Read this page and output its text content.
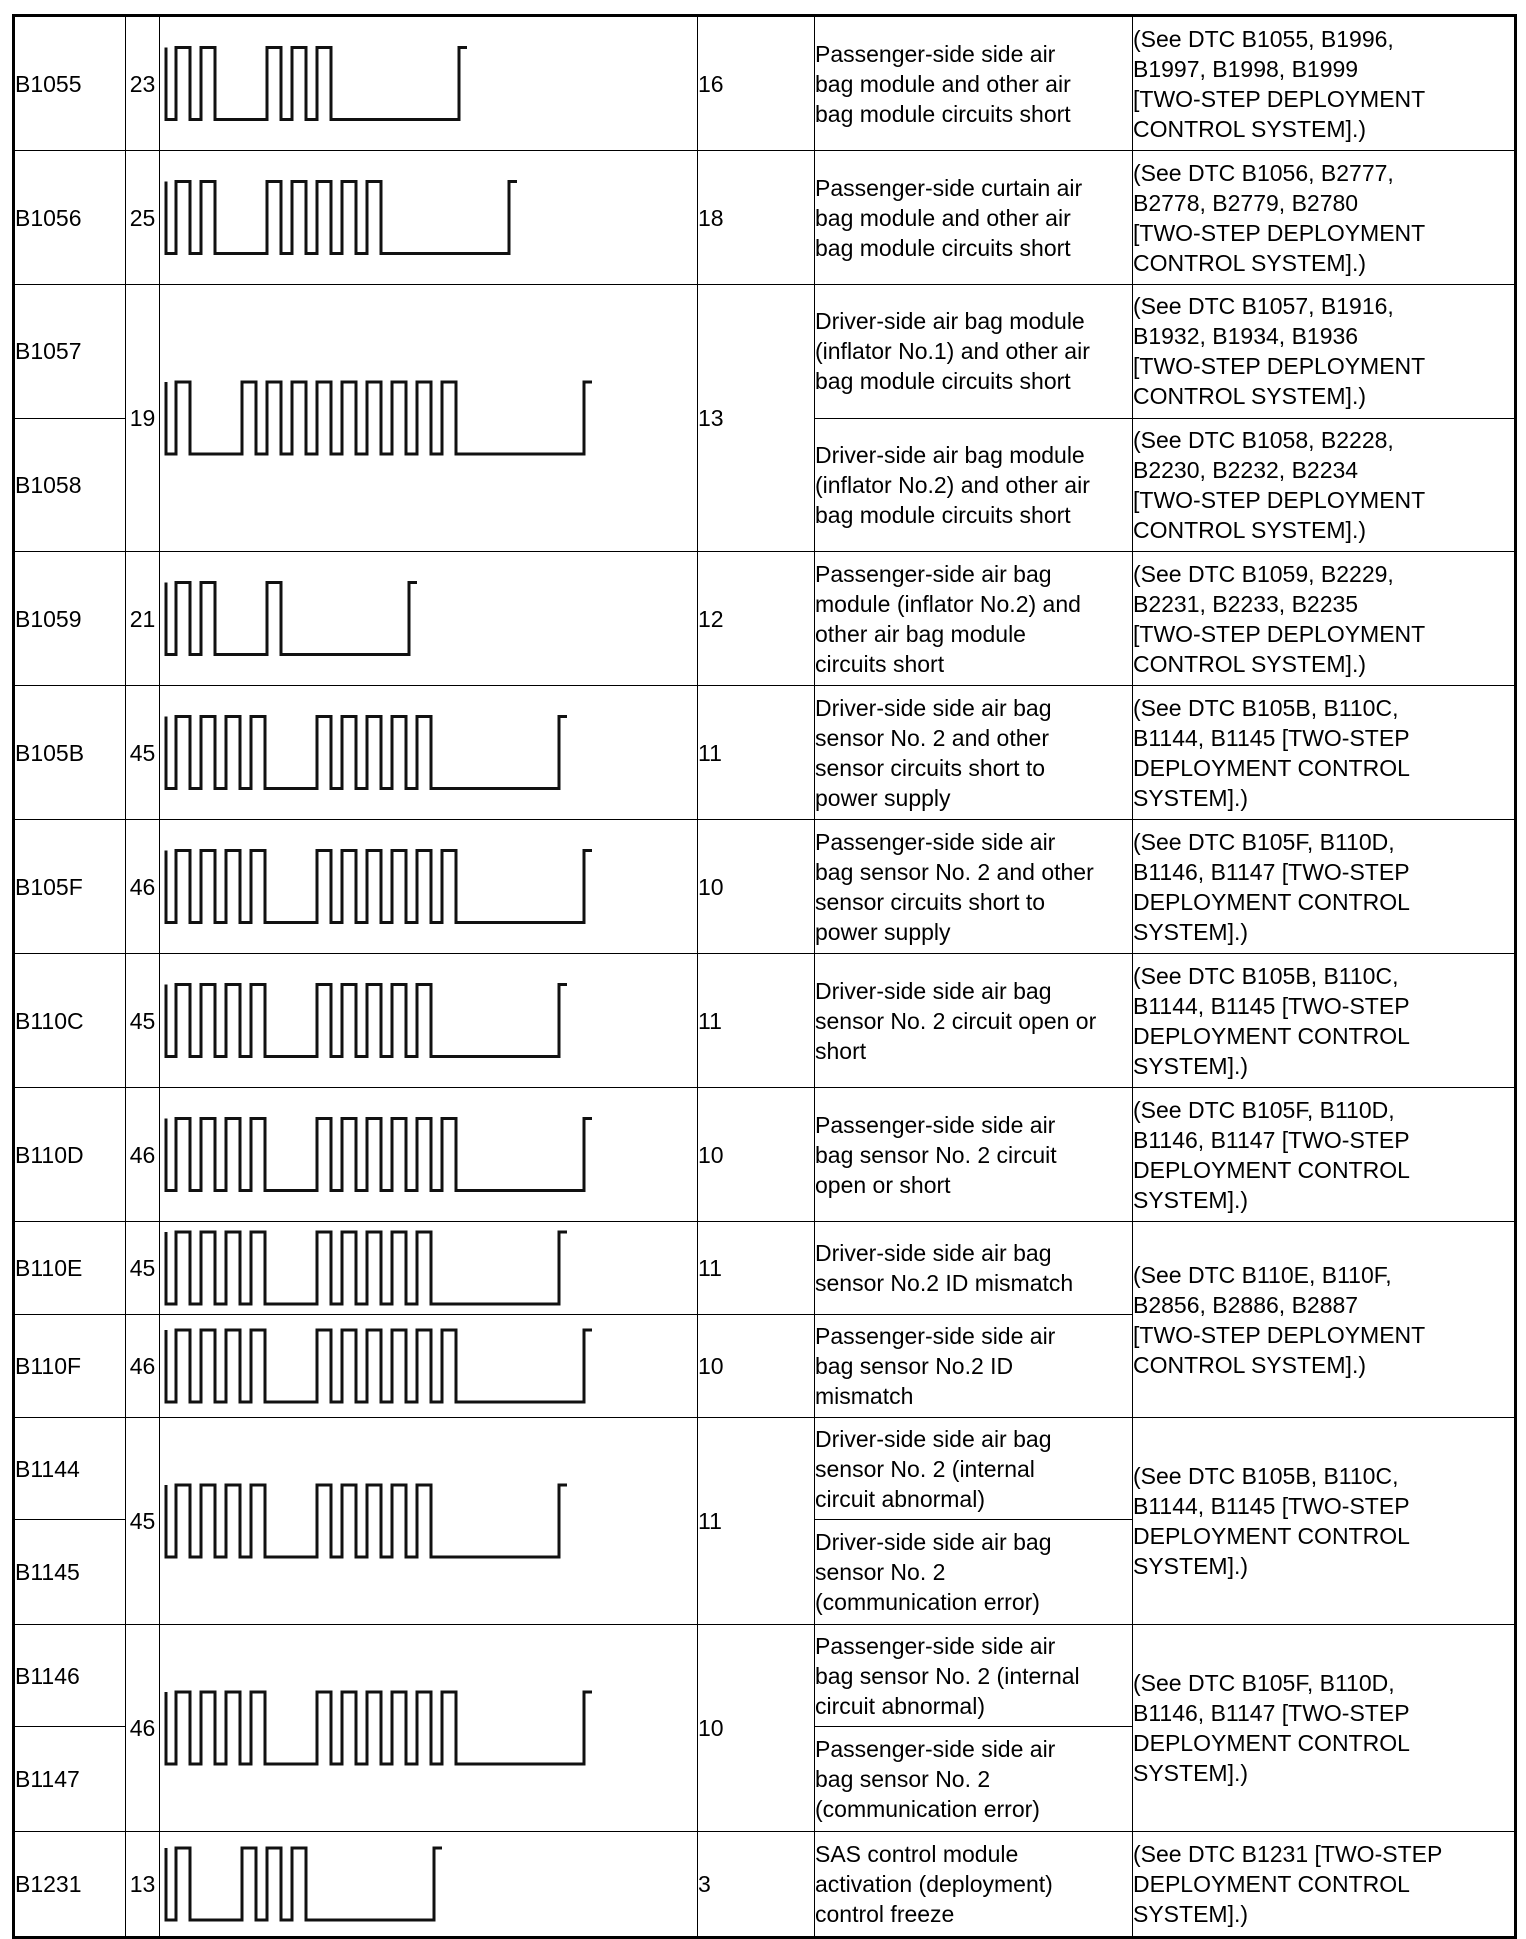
B1055	23		16	Passenger-side side air
bag module and other air
bag module circuits short	(See DTC B1055, B1996,
B1997, B1998, B1999
[TWO-STEP DEPLOYMENT
CONTROL SYSTEM].)

B1056	25		18	Passenger-side curtain air
bag module and other air
bag module circuits short	(See DTC B1056, B2777,
B2778, B2779, B2780
[TWO-STEP DEPLOYMENT
CONTROL SYSTEM].)

B1057	19		13	Driver-side air bag module
(inflator No.1) and other air
bag module circuits short	(See DTC B1057, B1916,
B1932, B1934, B1936
[TWO-STEP DEPLOYMENT
CONTROL SYSTEM].)

B1058				Driver-side air bag module
(inflator No.2) and other air
bag module circuits short	(See DTC B1058, B2228,
B2230, B2232, B2234
[TWO-STEP DEPLOYMENT
CONTROL SYSTEM].)

B1059	21		12	Passenger-side air bag
module (inflator No.2) and
other air bag module
circuits short	(See DTC B1059, B2229,
B2231, B2233, B2235
[TWO-STEP DEPLOYMENT
CONTROL SYSTEM].)

B105B	45		11	Driver-side side air bag
sensor No. 2 and other
sensor circuits short to
power supply	(See DTC B105B, B110C,
B1144, B1145 [TWO-STEP
DEPLOYMENT CONTROL
SYSTEM].)

B105F	46		10	Passenger-side side air
bag sensor No. 2 and other
sensor circuits short to
power supply	(See DTC B105F, B110D,
B1146, B1147 [TWO-STEP
DEPLOYMENT CONTROL
SYSTEM].)

B110C	45		11	Driver-side side air bag
sensor No. 2 circuit open or
short	(See DTC B105B, B110C,
B1144, B1145 [TWO-STEP
DEPLOYMENT CONTROL
SYSTEM].)

B110D	46		10	Passenger-side side air
bag sensor No. 2 circuit
open or short	(See DTC B105F, B110D,
B1146, B1147 [TWO-STEP
DEPLOYMENT CONTROL
SYSTEM].)

B110E	45		11	Driver-side side air bag
sensor No.2 ID mismatch	(See DTC B110E, B110F,
B2856, B2886, B2887
[TWO-STEP DEPLOYMENT
CONTROL SYSTEM].)

B110F	46		10	Passenger-side side air
bag sensor No.2 ID
mismatch	

B1144	45		11	Driver-side side air bag
sensor No. 2 (internal
circuit abnormal)	(See DTC B105B, B110C,
B1144, B1145 [TWO-STEP
DEPLOYMENT CONTROL
SYSTEM].)

B1145				Driver-side side air bag
sensor No. 2
(communication error)	

B1146	46		10	Passenger-side side air
bag sensor No. 2 (internal
circuit abnormal)	(See DTC B105F, B110D,
B1146, B1147 [TWO-STEP
DEPLOYMENT CONTROL
SYSTEM].)

B1147				Passenger-side side air
bag sensor No. 2
(communication error)	

B1231	13		3	SAS control module
activation (deployment)
control freeze	(See DTC B1231 [TWO-STEP
DEPLOYMENT CONTROL
SYSTEM].)
